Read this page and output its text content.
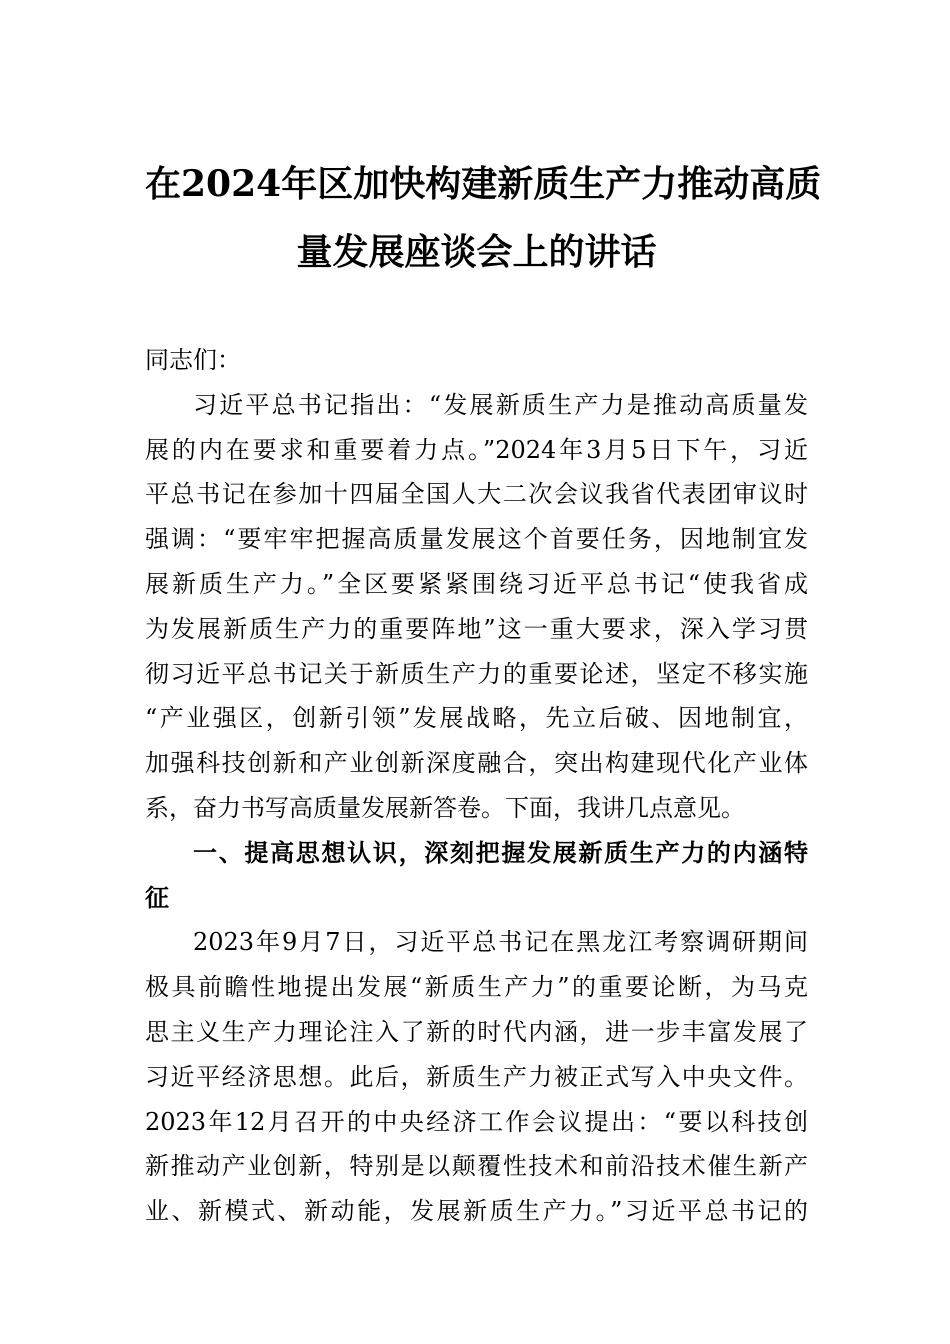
在2024年区加快构建新质生产力推动高质
量发展座谈会上的讲话
同志们：

习近平总书记指出：“发展新质生产力是推动高质量发
展的内在要求和重要着力点。”2024年3月5日下午，习近
平总书记在参加十四届全国人大二次会议我省代表团审议时
强调：“要牢牢把握高质量发展这个首要任务，因地制宜发
展新质生产力。”全区要紧紧围绕习近平总书记“使我省成
为发展新质生产力的重要阵地”这一重大要求，深入学习贯
彻习近平总书记关于新质生产力的重要论述，坚定不移实施
“产业强区，创新引领”发展战略，先立后破、因地制宜，
加强科技创新和产业创新深度融合，突出构建现代化产业体
系，奋力书写高质量发展新答卷。下面，我讲几点意见。

一、提高思想认识，深刻把握发展新质生产力的内涵特
征

2023年9月7日，习近平总书记在黑龙江考察调研期间
极具前瞻性地提出发展“新质生产力”的重要论断，为马克
思主义生产力理论注入了新的时代内涵，进一步丰富发展了
习近平经济思想。此后，新质生产力被正式写入中央文件。
2023年12月召开的中央经济工作会议提出：“要以科技创
新推动产业创新，特别是以颠覆性技术和前沿技术催生新产
业、新模式、新动能，发展新质生产力。”习近平总书记的
